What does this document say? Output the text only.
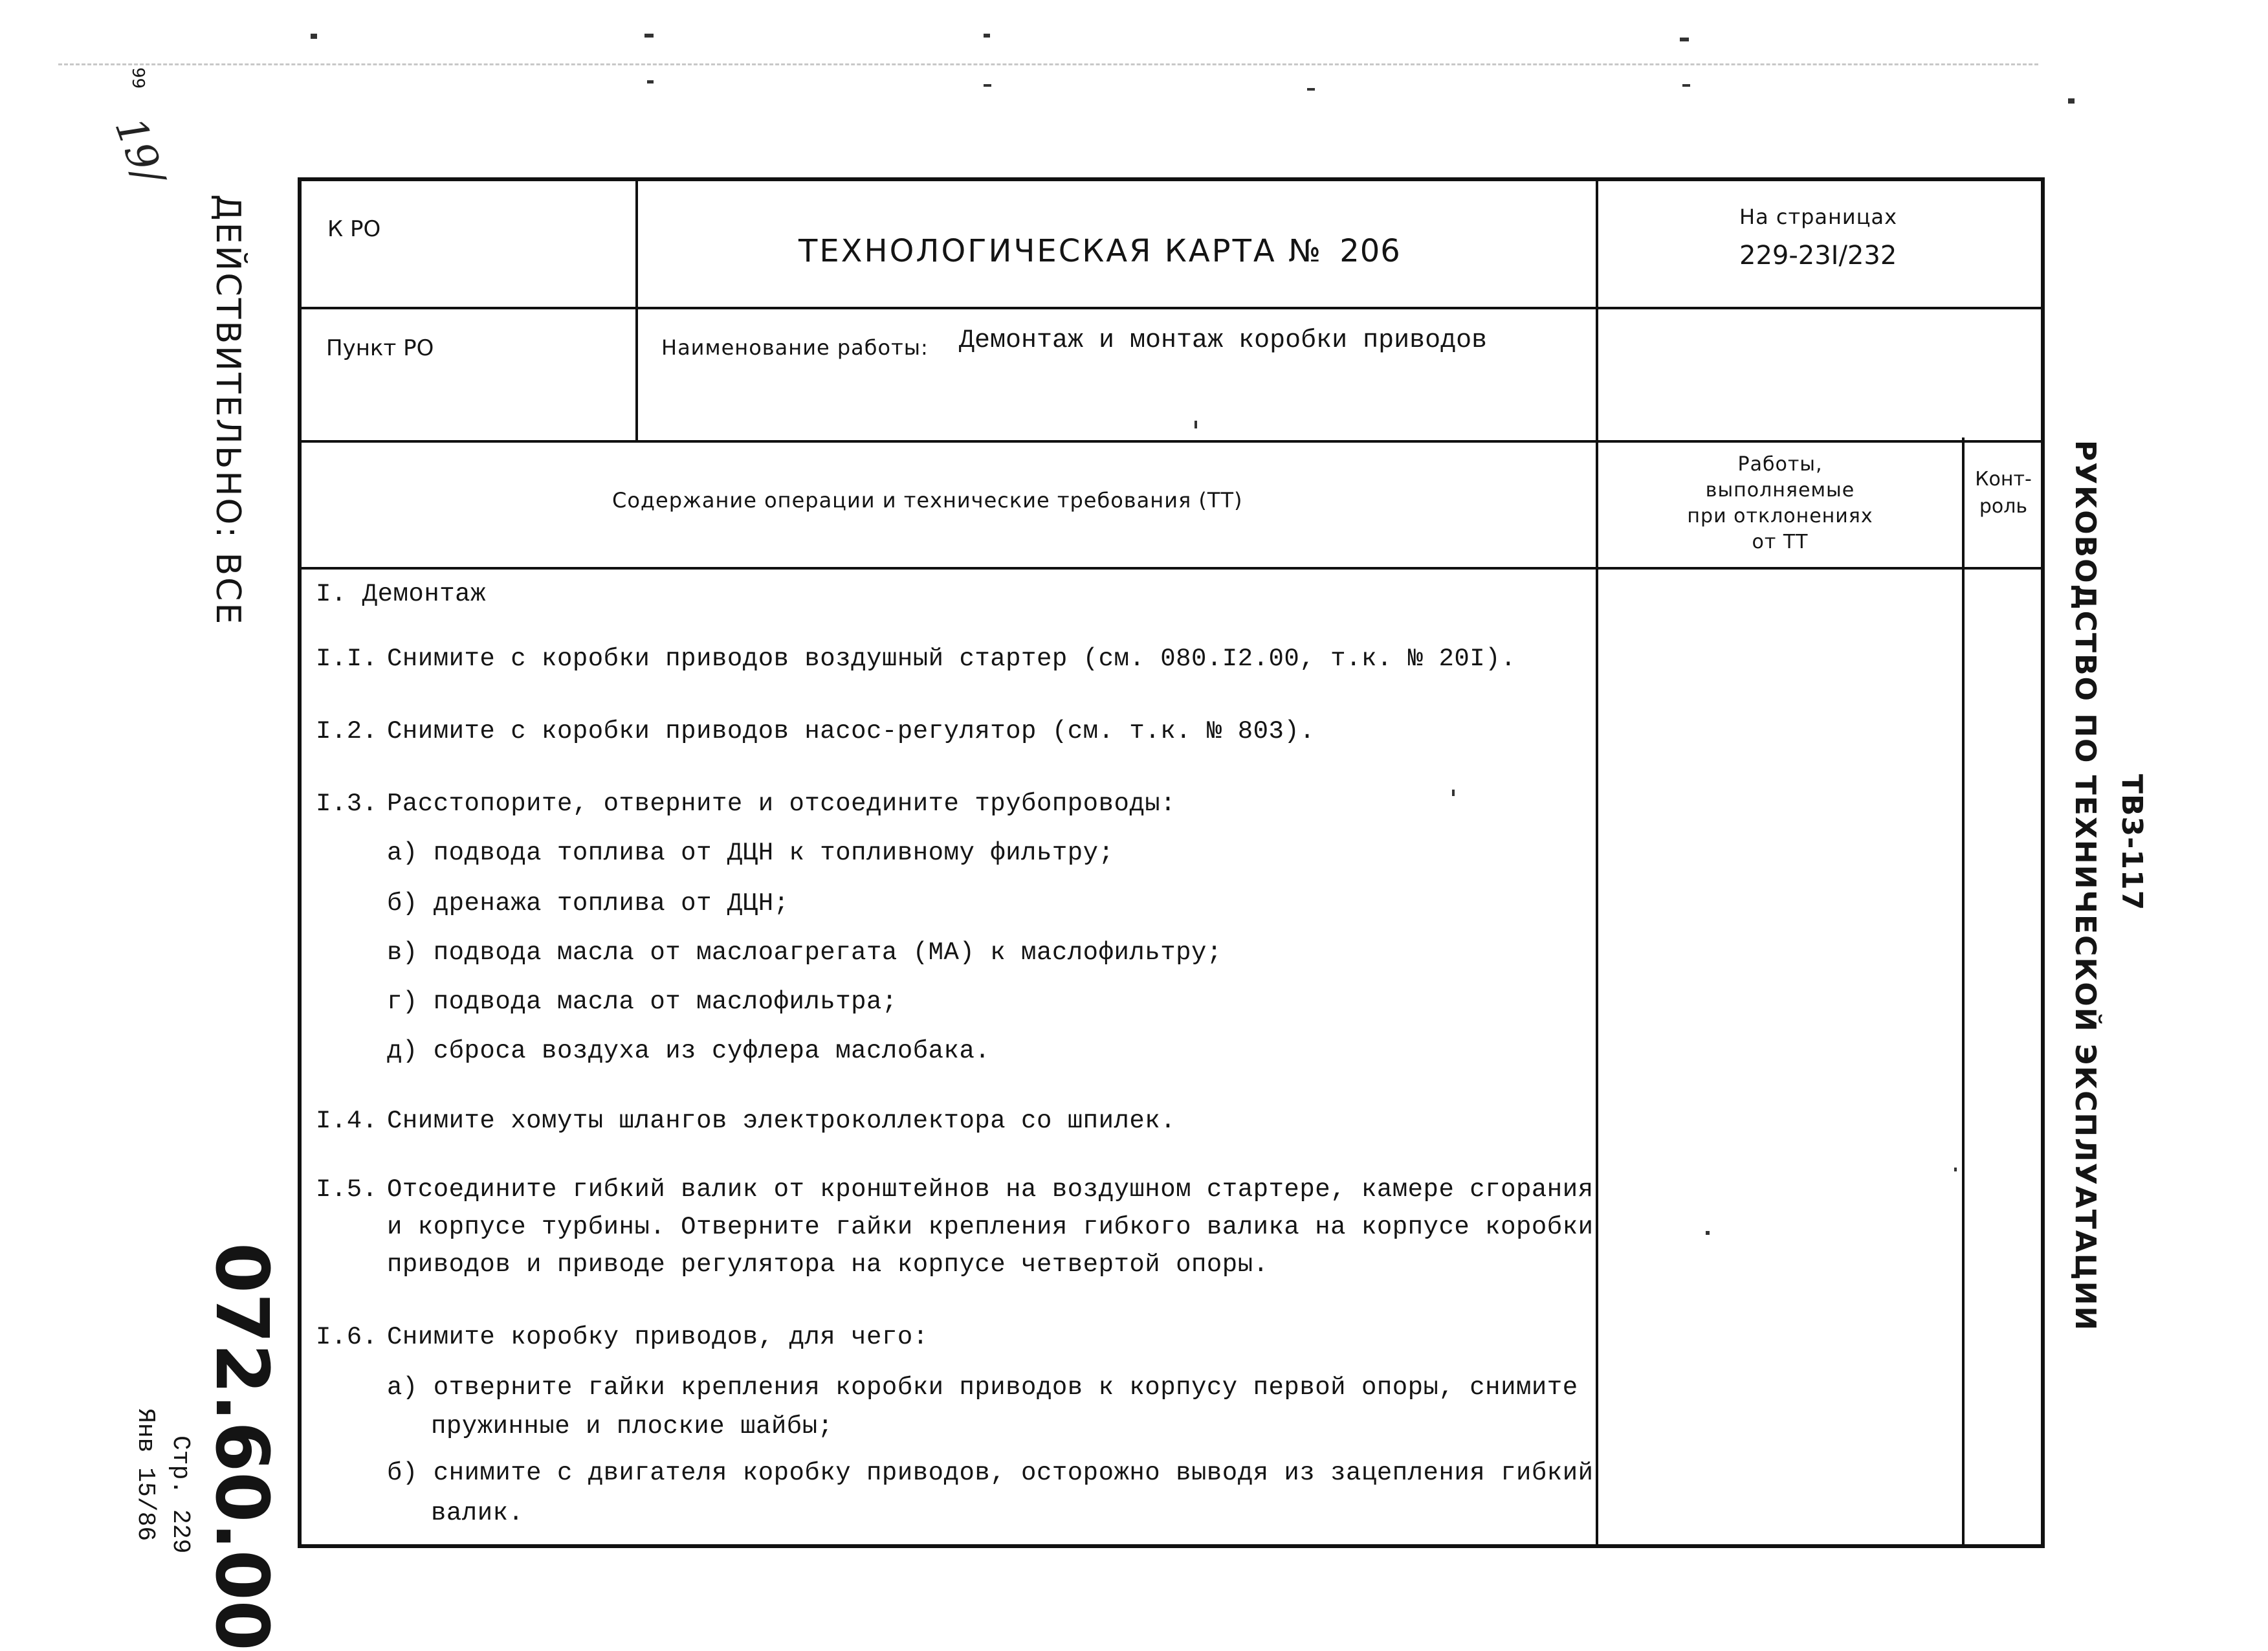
99
19/
ДЕЙСТВИТЕЛЬНО: ВСЕ
072.60.00
Стр. 229
Янв 15/86
ТВ3-117
РУКОВОДСТВО ПО ТЕХНИЧЕСКОЙ ЭКСПЛУАТАЦИИ
К РО
ТЕХНОЛОГИЧЕСКАЯ КАРТА № 206
На страницах
229-23I/232
Пункт РО	Наименование работы: Демонтаж и монтаж коробки приводов
Содержание операции и технические требования (ТТ)
Работы,
выполняемые
при отклонениях
от ТТ
Конт-
роль
I. Демонтаж
I.I. Снимите с коробки приводов воздушный стартер (см. 080.I2.00, т.к. № 20I).
I.2. Снимите с коробки приводов насос-регулятор (см. т.к. № 803).
I.3. Расстопорите, отверните и отсоедините трубопроводы:
а) подвода топлива от ДЦН к топливному фильтру;
б) дренажа топлива от ДЦН;
в) подвода масла от маслоагрегата (МА) к маслофильтру;
г) подвода масла от маслофильтра;
д) сброса воздуха из суфлера маслобака.
I.4. Снимите хомуты шлангов электроколлектора со шпилек.
I.5. Отсоедините гибкий валик от кронштейнов на воздушном стартере, камере сгорания
и корпусе турбины. Отверните гайки крепления гибкого валика на корпусе коробки
приводов и приводе регулятора на корпусе четвертой опоры.
I.6. Снимите коробку приводов, для чего:
а) отверните гайки крепления коробки приводов к корпусу первой опоры, снимите
пружинные и плоские шайбы;
б) снимите с двигателя коробку приводов, осторожно выводя из зацепления гибкий
валик.
